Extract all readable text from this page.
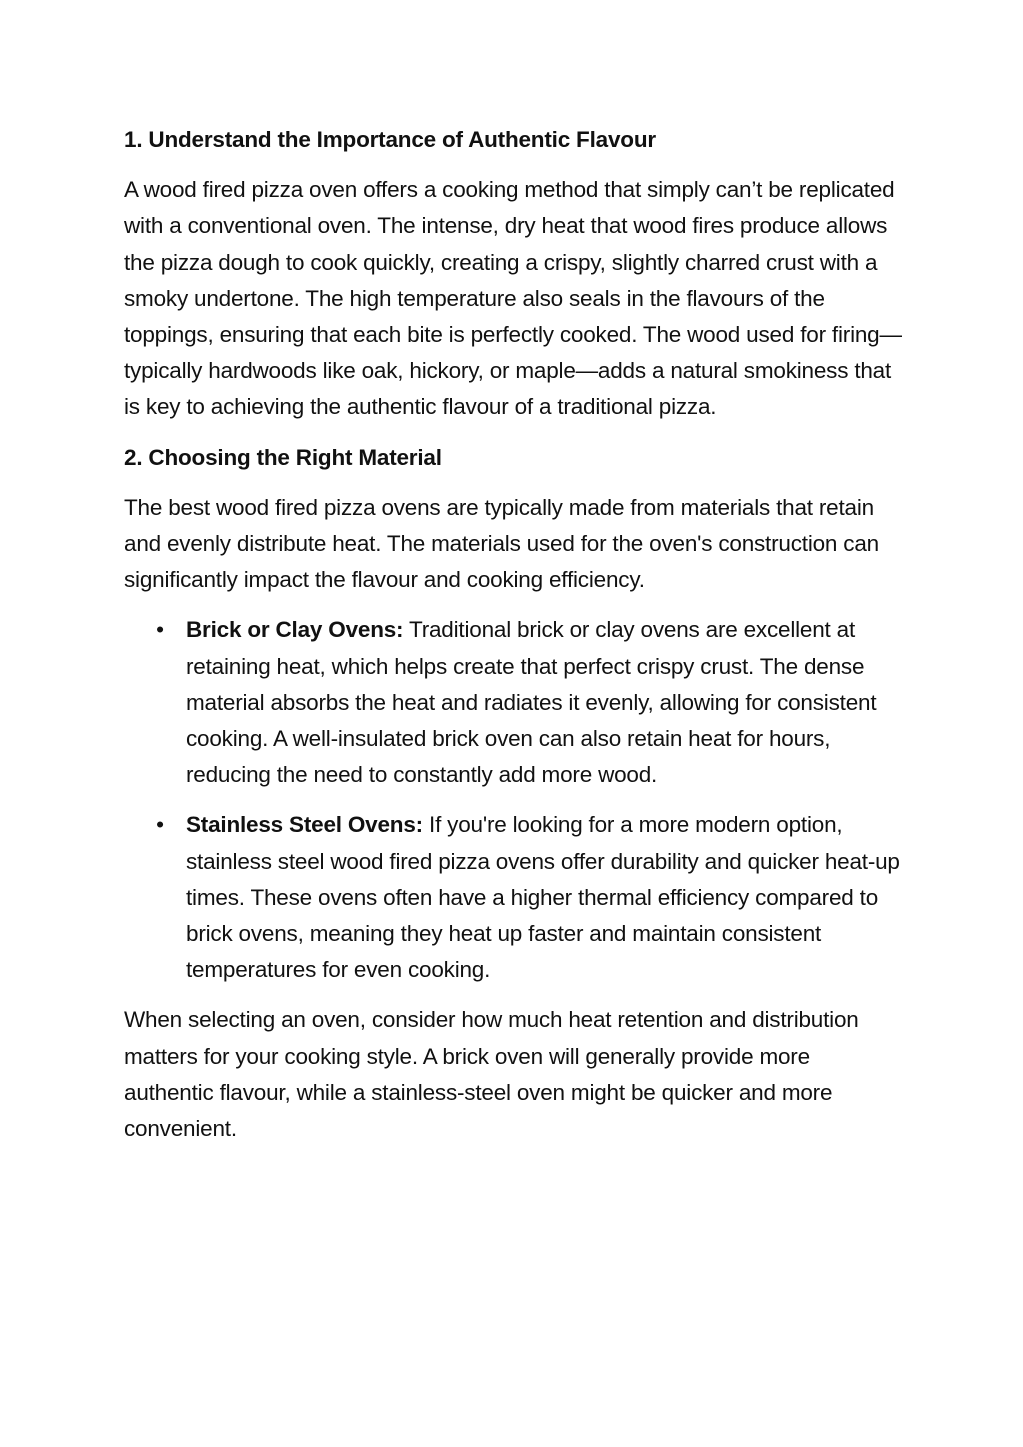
1. Understand the Importance of Authentic Flavour

A wood fired pizza oven offers a cooking method that simply can’t be replicated with a conventional oven. The intense, dry heat that wood fires produce allows the pizza dough to cook quickly, creating a crispy, slightly charred crust with a smoky undertone. The high temperature also seals in the flavours of the toppings, ensuring that each bite is perfectly cooked. The wood used for firing—typically hardwoods like oak, hickory, or maple—adds a natural smokiness that is key to achieving the authentic flavour of a traditional pizza.

2. Choosing the Right Material

The best wood fired pizza ovens are typically made from materials that retain and evenly distribute heat. The materials used for the oven's construction can significantly impact the flavour and cooking efficiency.

• Brick or Clay Ovens: Traditional brick or clay ovens are excellent at retaining heat, which helps create that perfect crispy crust. The dense material absorbs the heat and radiates it evenly, allowing for consistent cooking. A well-insulated brick oven can also retain heat for hours, reducing the need to constantly add more wood.
• Stainless Steel Ovens: If you're looking for a more modern option, stainless steel wood fired pizza ovens offer durability and quicker heat-up times. These ovens often have a higher thermal efficiency compared to brick ovens, meaning they heat up faster and maintain consistent temperatures for even cooking.

When selecting an oven, consider how much heat retention and distribution matters for your cooking style. A brick oven will generally provide more authentic flavour, while a stainless-steel oven might be quicker and more convenient.
